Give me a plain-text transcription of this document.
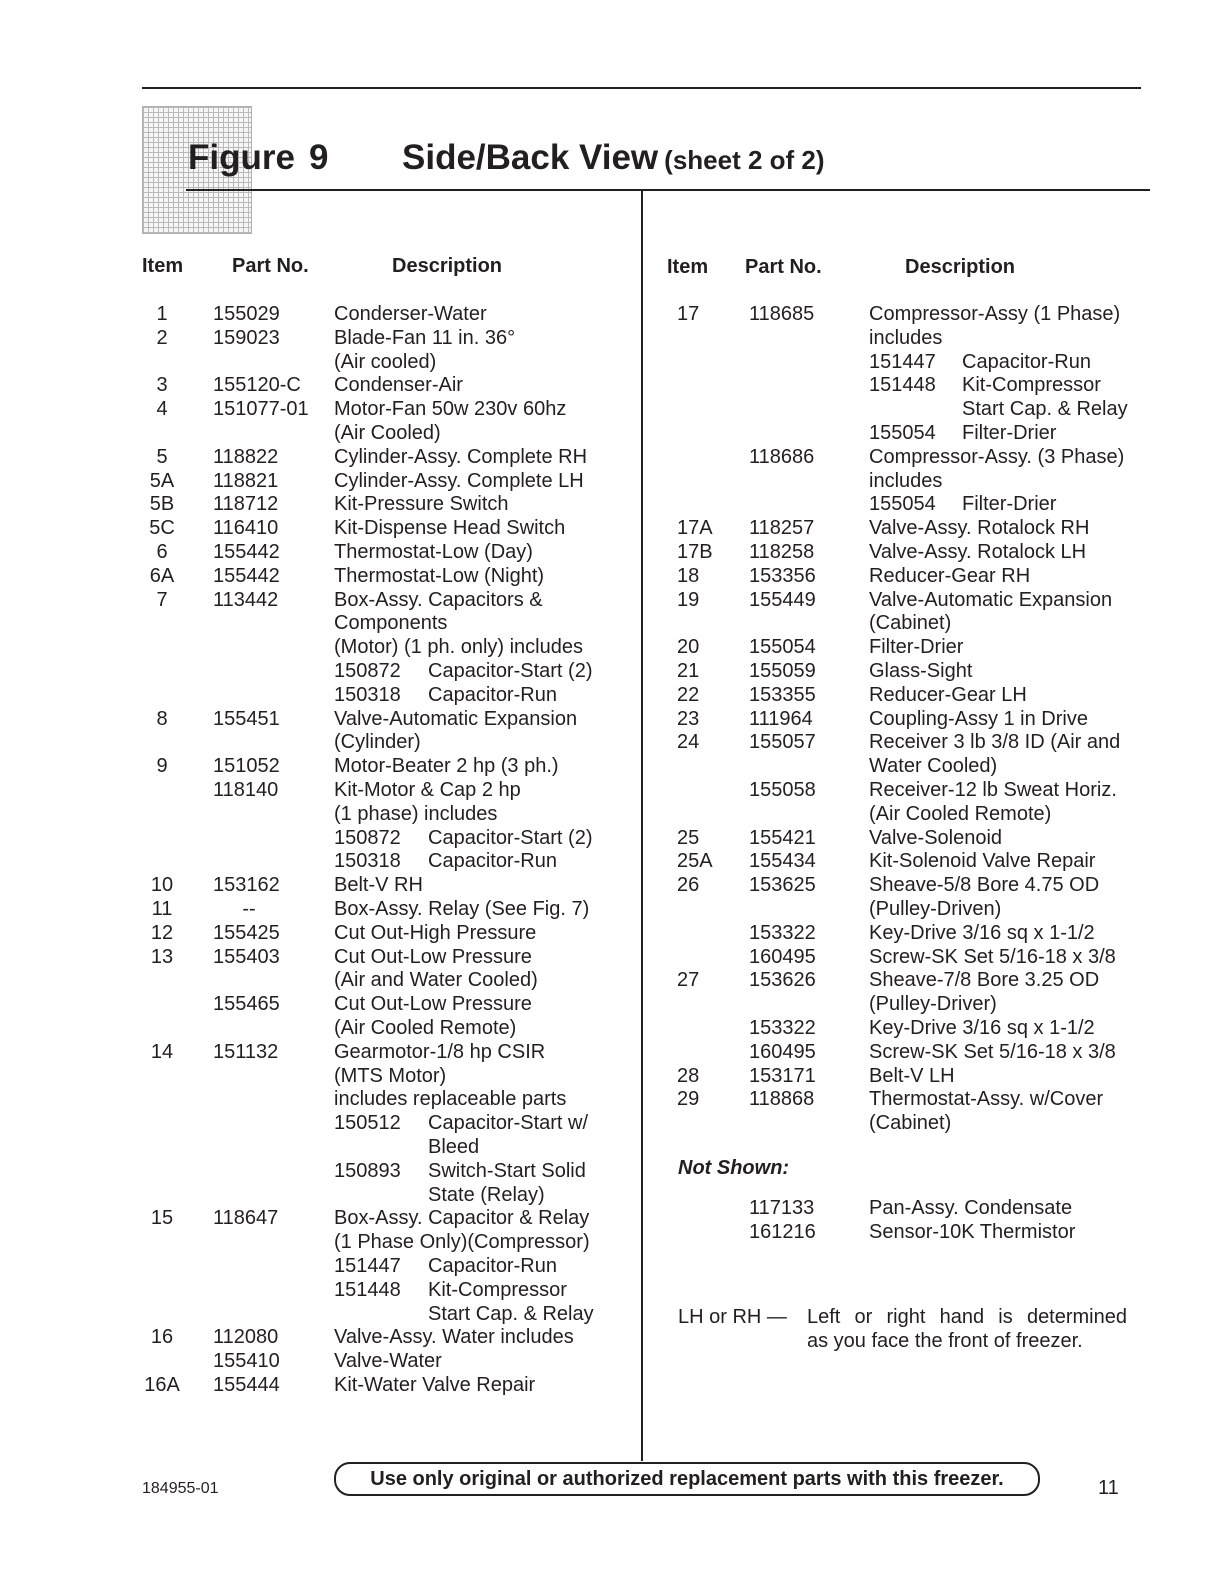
Figure 9 Side/Back View (sheet 2 of 2)
Item Part No.	Description	Item Part No.	Description
1	155029	Conderser-Water
2	159023	Blade-Fan 11 in. 36°
(Air cooled)
3	155120-C Condenser-Air
4	151077-01 Motor-Fan 50w 230v 60hz
(Air Cooled)
5	118822	Cylinder-Assy. Complete RH
5A	118821	Cylinder-Assy. Complete LH
5B	118712	Kit-Pressure Switch
5C	116410	Kit-Dispense Head Switch
6	155442	Thermostat-Low (Day)
6A	155442	Thermostat-Low (Night)
7	113442	Box-Assy. Capacitors &
Components
(Motor) (1 ph. only) includes
150872 Capacitor-Start (2)
150318 Capacitor-Run
8	155451	Valve-Automatic Expansion
(Cylinder)
9	151052	Motor-Beater 2 hp (3 ph.)
118140	Kit-Motor & Cap 2 hp
(1 phase) includes
150872 Capacitor-Start (2)
150318 Capacitor-Run
10	153162	Belt-V RH
11	--	Box-Assy. Relay (See Fig. 7)
12	155425	Cut Out-High Pressure
13	155403	Cut Out-Low Pressure
(Air and Water Cooled)
155465	Cut Out-Low Pressure
(Air Cooled Remote)
14	151132	Gearmotor-1/8 hp CSIR
(MTS Motor)
includes replaceable parts
150512 Capacitor-Start w/
Bleed
150893 Switch-Start Solid
State (Relay)
15	118647	Box-Assy. Capacitor & Relay
(1 Phase Only)(Compressor)
151447 Capacitor-Run
151448 Kit-Compressor
Start Cap. & Relay
16	112080	Valve-Assy. Water includes
155410	Valve-Water
16A 155444	Kit-Water Valve Repair
17 118685	Compressor-Assy (1 Phase)
includes
151447 Capacitor-Run
151448 Kit-Compressor
Start Cap. & Relay
155054 Filter-Drier
118686	Compressor-Assy. (3 Phase)
includes
155054 Filter-Drier
17A 118257	Valve-Assy. Rotalock RH
17B 118258	Valve-Assy. Rotalock LH
18 153356	Reducer-Gear RH
19 155449	Valve-Automatic Expansion
(Cabinet)
20 155054	Filter-Drier
21 155059	Glass-Sight
22 153355	Reducer-Gear LH
23 111964	Coupling-Assy 1 in Drive
24 155057	Receiver 3 lb 3/8 ID (Air and
Water Cooled)
155058	Receiver-12 lb Sweat Horiz.
(Air Cooled Remote)
25 155421	Valve-Solenoid
25A 155434	Kit-Solenoid Valve Repair
26 153625	Sheave-5/8 Bore 4.75 OD
(Pulley-Driven)
153322	Key-Drive 3/16 sq x 1-1/2
160495	Screw-SK Set 5/16-18 x 3/8
27 153626	Sheave-7/8 Bore 3.25 OD
(Pulley-Driver)
153322	Key-Drive 3/16 sq x 1-1/2
160495	Screw-SK Set 5/16-18 x 3/8
28 153171	Belt-V LH
29 118868	Thermostat-Assy. w/Cover
(Cabinet)
Not Shown:
117133	Pan-Assy. Condensate
161216	Sensor-10K Thermistor
LH or RH — Left or right hand is determined
as you face the front of freezer.
184955-01	Use only original or authorized replacement parts with this freezer.	11
